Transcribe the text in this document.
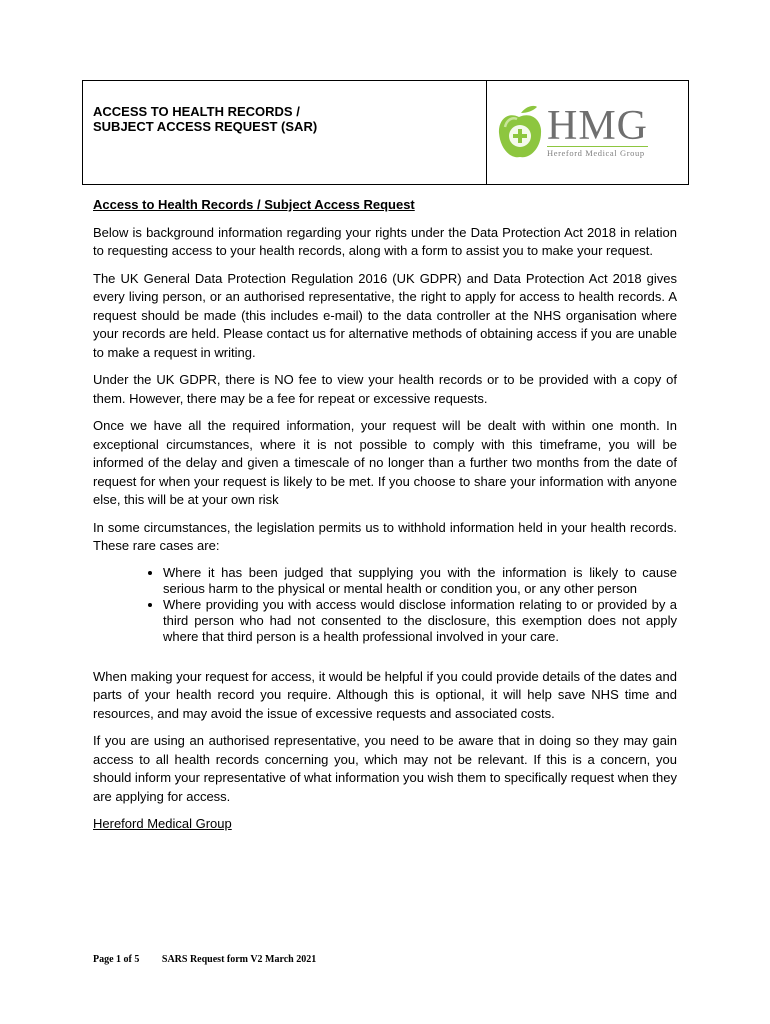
ACCESS TO HEALTH RECORDS /
SUBJECT ACCESS REQUEST (SAR)	HMG
Hereford Medical Group
Access to Health Records / Subject Access Request

Below is background information regarding your rights under the Data Protection Act 2018 in relation to requesting access to your health records, along with a form to assist you to make your request.

The UK General Data Protection Regulation 2016 (UK GDPR) and Data Protection Act 2018 gives every living person, or an authorised representative, the right to apply for access to health records. A request should be made (this includes e-mail) to the data controller at the NHS organisation where your records are held. Please contact us for alternative methods of obtaining access if you are unable to make a request in writing.

Under the UK GDPR, there is NO fee to view your health records or to be provided with a copy of them. However, there may be a fee for repeat or excessive requests.

Once we have all the required information, your request will be dealt with within one month. In exceptional circumstances, where it is not possible to comply with this timeframe, you will be informed of the delay and given a timescale of no longer than a further two months from the date of request for when your request is likely to be met. If you choose to share your information with anyone else, this will be at your own risk

In some circumstances, the legislation permits us to withhold information held in your health records. These rare cases are:

• Where it has been judged that supplying you with the information is likely to cause serious harm to the physical or mental health or condition you, or any other person
• Where providing you with access would disclose information relating to or provided by a third person who had not consented to the disclosure, this exemption does not apply where that third person is a health professional involved in your care.

When making your request for access, it would be helpful if you could provide details of the dates and parts of your health record you require. Although this is optional, it will help save NHS time and resources, and may avoid the issue of excessive requests and associated costs.

If you are using an authorised representative, you need to be aware that in doing so they may gain access to all health records concerning you, which may not be relevant. If this is a concern, you should inform your representative of what information you wish them to specifically request when they are applying for access.

Hereford Medical Group

Page 1 of 5 SARS Request form V2 March 2021
